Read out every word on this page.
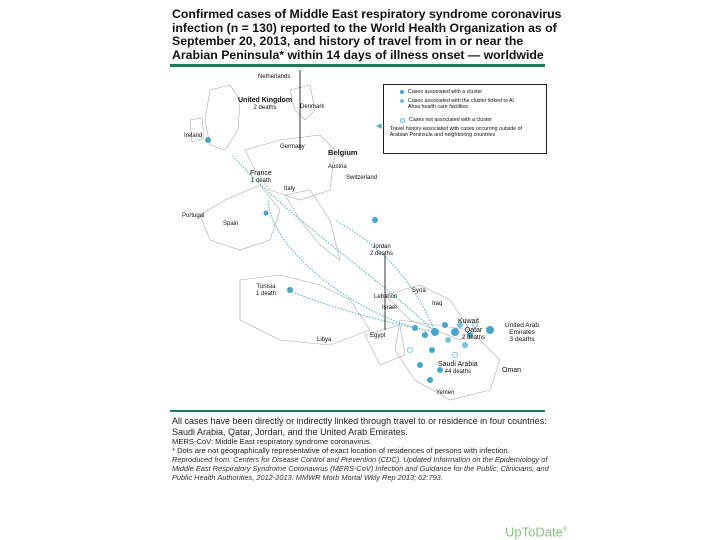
Confirmed cases of Middle East respiratory syndrome coronavirus infection (n = 130) reported to the World Health Organization as of September 20, 2013, and history of travel from in or near the Arabian Peninsula* within 14 days of illness onset — worldwide
Netherlands
United Kingdom
2 deaths	Denmark
Ireland
Germany
Belgium
Austria
Switzerland
France
1 death
Italy
Portugal
Spain
Jordan
2 deaths
Tunisia
1 death	Syria
Lebanon
Israel
Iraq
Egypt
Libya
Kuwait
Qatar
2 deaths
United Arab Emirates
3 deaths
Saudi Arabia
44 deaths	Oman
Yemen
Cases associated with a cluster
Cases associated with the cluster linked to Al Ahsa health care facilities
Cases not associated with a cluster
◀···· Travel history associated with cases occurring outside of Arabian Peninsula and neighboring countries
All cases have been directly or indirectly linked through travel to or residence in four countries: Saudi Arabia, Qatar, Jordan, and the United Arab Emirates.
MERS-CoV: Middle East respiratory syndrome coronavirus.
* Dots are not geographically representative of exact location of residences of persons with infection.
Reproduced from: Centers for Disease Control and Prevention (CDC). Updated Information on the Epidemiology of Middle East Respiratory Syndrome Coronavirus (MERS-CoV) Infection and Guidance for the Public, Clinicians, and Public Health Authorities, 2012-2013. MMWR Morb Mortal Wkly Rep 2013; 62:793.
UpToDate®
